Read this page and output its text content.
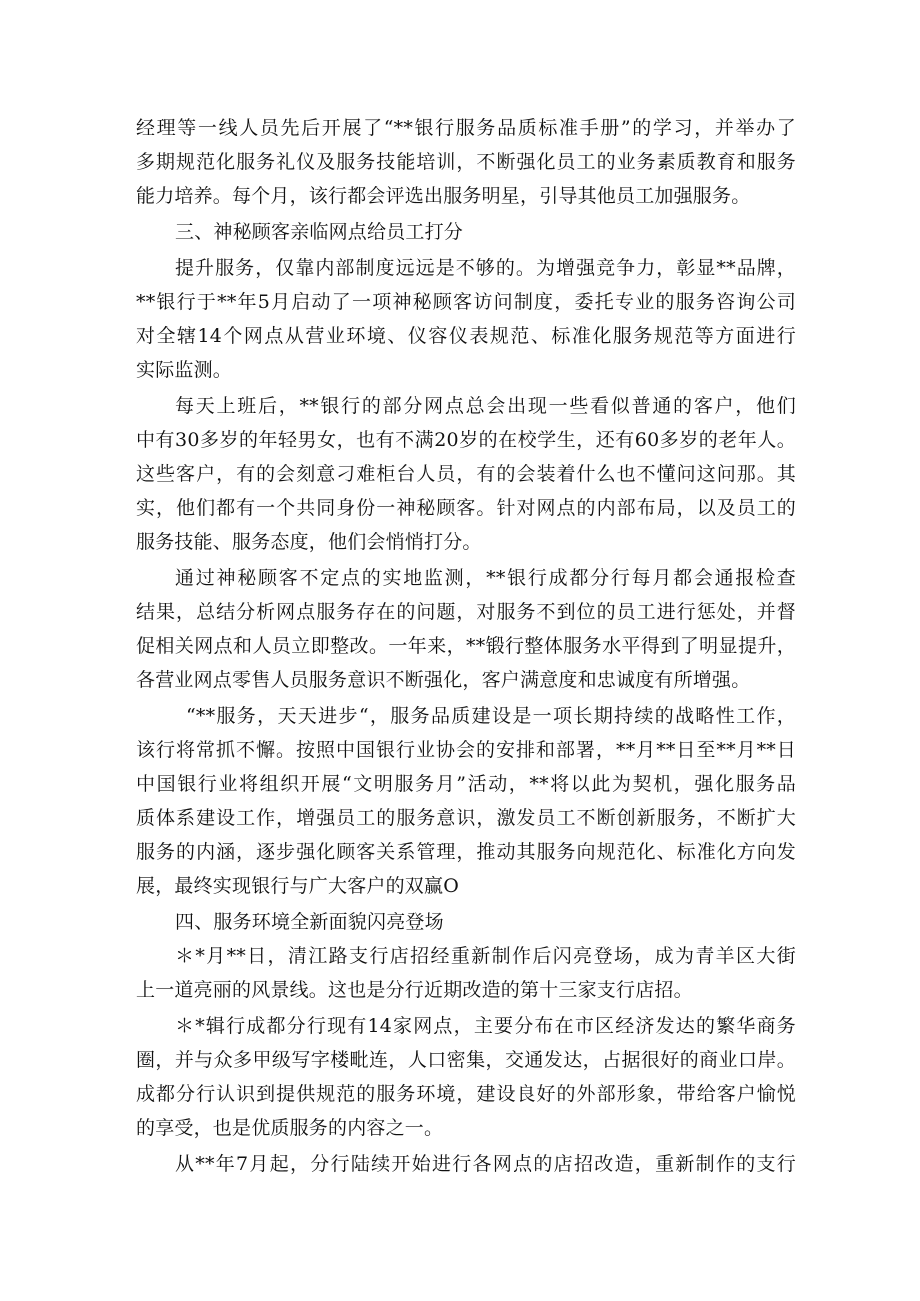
经理等一线人员先后开展了“**银行服务品质标准手册”的学习，并举办了
多期规范化服务礼仪及服务技能培训，不断强化员工的业务素质教育和服务
能力培养。每个月，该行都会评选出服务明星，引导其他员工加强服务。
三、神秘顾客亲临网点给员工打分
提升服务，仅靠内部制度远远是不够的。为增强竞争力，彰显**品牌，
**银行于**年5月启动了一项神秘顾客访问制度，委托专业的服务咨询公司
对全辖14个网点从营业环境、仪容仪表规范、标准化服务规范等方面进行
实际监测。
每天上班后，**银行的部分网点总会出现一些看似普通的客户，他们
中有30多岁的年轻男女，也有不满20岁的在校学生，还有60多岁的老年人。
这些客户，有的会刻意刁难柜台人员，有的会装着什么也不懂问这问那。其
实，他们都有一个共同身份一神秘顾客。针对网点的内部布局，以及员工的
服务技能、服务态度，他们会悄悄打分。
通过神秘顾客不定点的实地监测，**银行成都分行每月都会通报检查
结果，总结分析网点服务存在的问题，对服务不到位的员工进行惩处，并督
促相关网点和人员立即整改。一年来，**锻行整体服务水平得到了明显提升，
各营业网点零售人员服务意识不断强化，客户满意度和忠诚度有所增强。
“**服务，天天进步“，服务品质建设是一项长期持续的战略性工作，
该行将常抓不懈。按照中国银行业协会的安排和部署，**月**日至**月**日
中国银行业将组织开展“文明服务月”活动，**将以此为契机，强化服务品
质体系建设工作，增强员工的服务意识，激发员工不断创新服务，不断扩大
服务的内涵，逐步强化顾客关系管理，推动其服务向规范化、标准化方向发
展，最终实现银行与广大客户的双赢O
四、服务环境全新面貌闪亮登场
＊*月**日，清江路支行店招经重新制作后闪亮登场，成为青羊区大街
上一道亮丽的风景线。这也是分行近期改造的第十三家支行店招。
＊*辑行成都分行现有14家网点，主要分布在市区经济发达的繁华商务
圈，并与众多甲级写字楼毗连，人口密集，交通发达，占据很好的商业口岸。
成都分行认识到提供规范的服务环境，建设良好的外部形象，带给客户愉悦
的享受，也是优质服务的内容之一。
从**年7月起，分行陆续开始进行各网点的店招改造，重新制作的支行
